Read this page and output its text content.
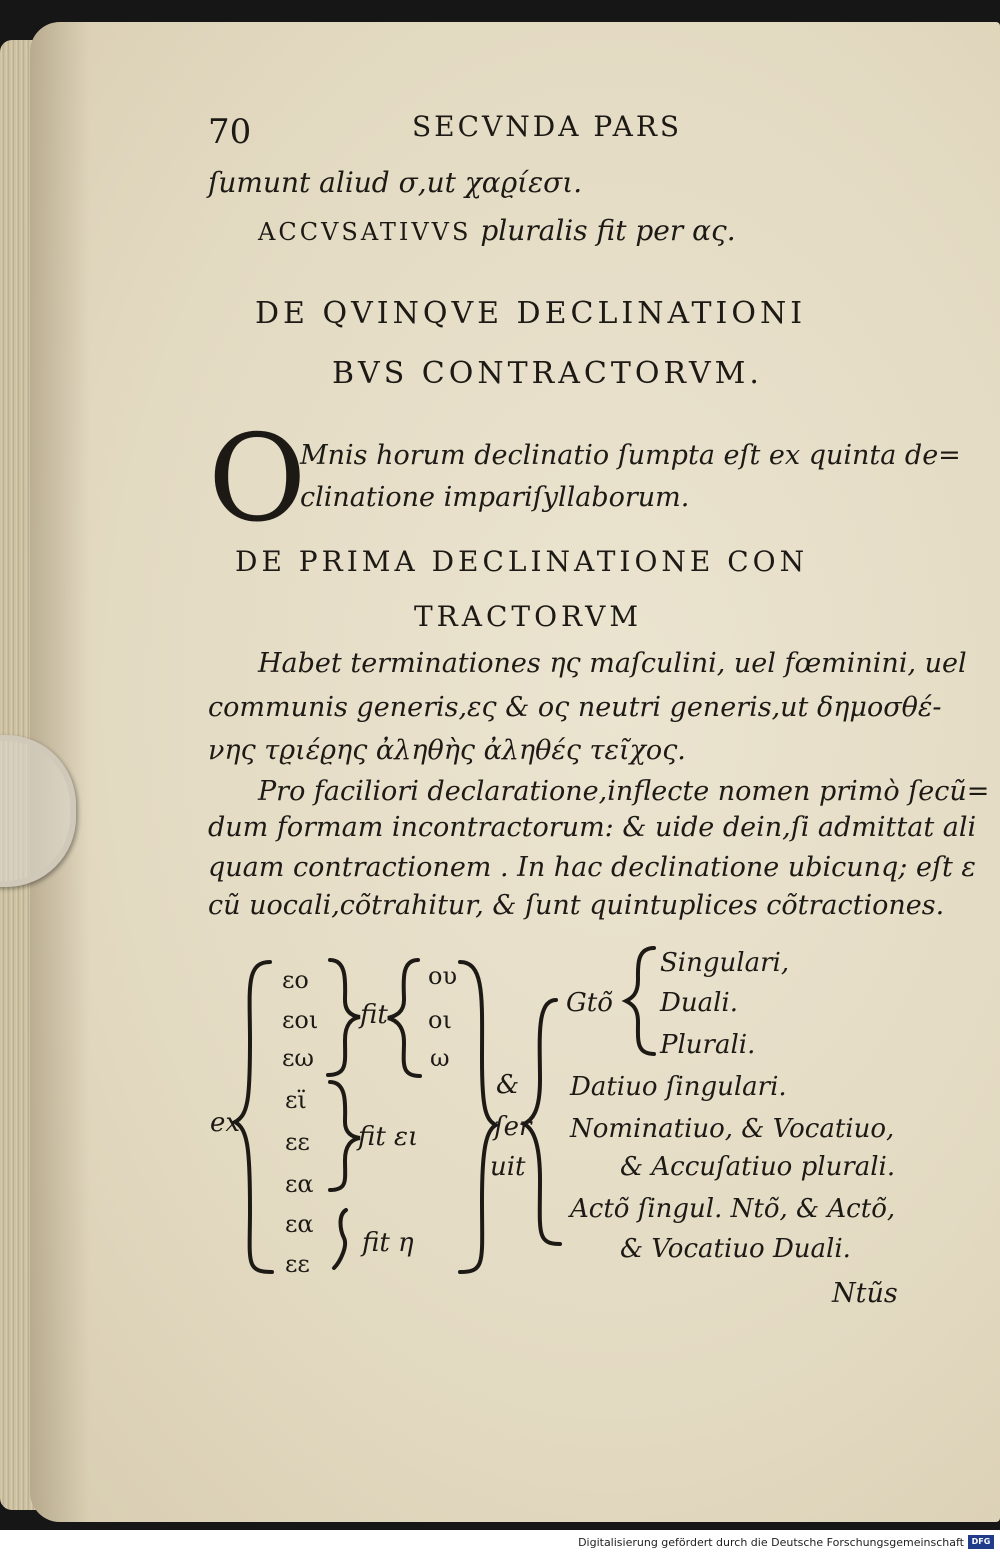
70	SECVNDA PARS
ſumunt aliud σ,ut χαϱίεσι.
ACCVSATIVVS pluralis fit per ας.
DE QVINQVE DECLINATIONI
BVS CONTRACTORVM.
O
Mnis horum declinatio ſumpta eſt ex quinta de=
clinatione impariſyllaborum.
DE PRIMA DECLINATIONE CON
TRACTORVM
Habet terminationes ης maſculini, uel fœminini, uel
communis generis,ες & ος neutri generis,ut δημοσθέ-
νης τϱιέϱης ἀληθὴς ἀληθές τεῖχος.
Pro faciliori declaratione,inflecte nomen primò ſecũ=
dum formam incontractorum: & uide dein,ſi admittat ali
quam contractionem . In hac declinatione ubicunq; eſt ε
cũ uocali,cõtrahitur, & ſunt quintuplices cõtractiones.
ex
εο
εοι
εω
εϊ
εε
εα
εα
εε
fit
ου
οι
ω
fit ει
fit η
&
ſer
uit
Gtõ
Singulari,
Duali.
Plurali.
Datiuo ſingulari.
Nominatiuo, & Vocatiuo,
& Accuſatiuo plurali.
Actõ ſingul. Ntõ, & Actõ,
& Vocatiuo Duali.
Ntũs
Digitalisierung gefördert durch die Deutsche Forschungsgemeinschaft DFG
